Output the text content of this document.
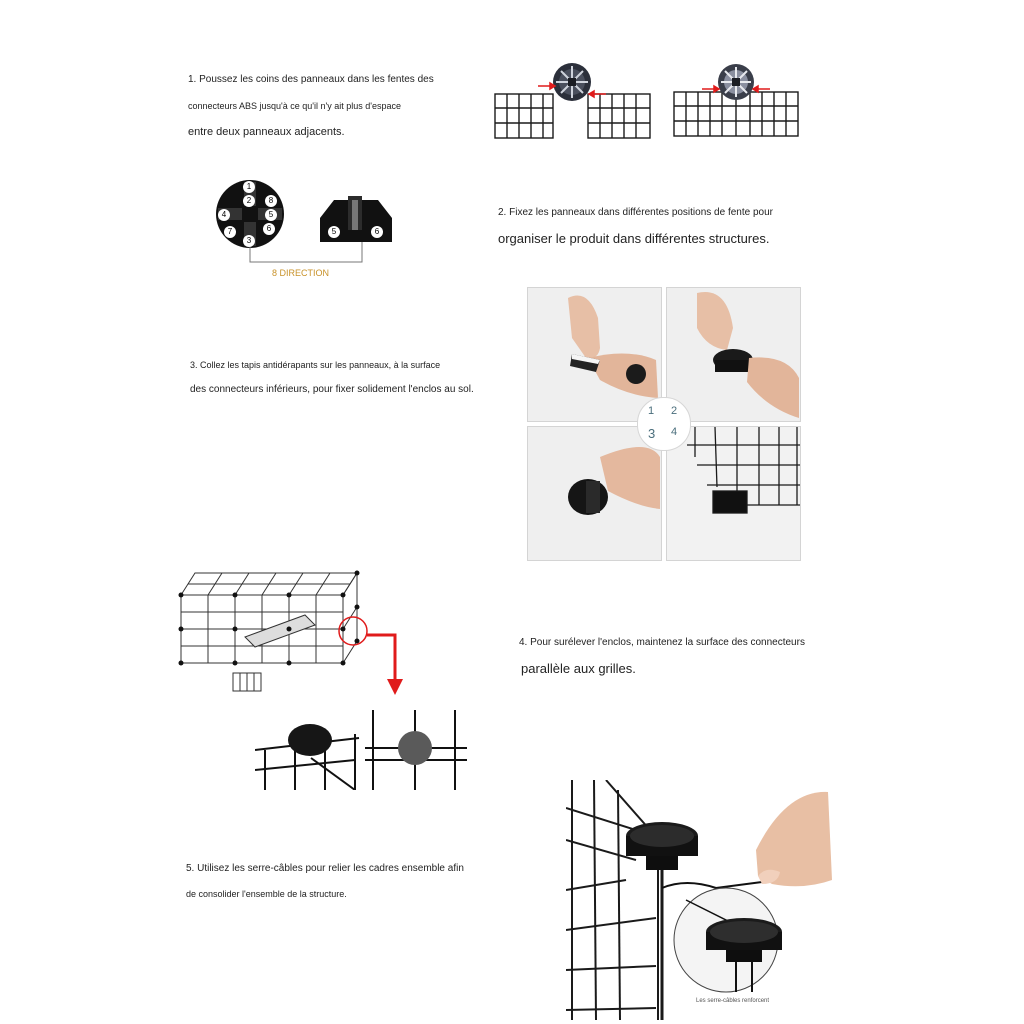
1. Poussez les coins des panneaux dans les fentes des
connecteurs ABS jusqu'à ce qu'il n'y ait plus d'espace
entre deux panneaux adjacents.
1
2
3
4	5
6
7
8
5	6
8 DIRECTION
2. Fixez les panneaux dans différentes positions de fente pour
organiser le produit dans différentes structures.
3. Collez les tapis antidérapants sur les panneaux, à la surface
des connecteurs inférieurs, pour fixer solidement l'enclos au sol.
1 2
3 4
4. Pour surélever l'enclos, maintenez la surface des connecteurs
parallèle aux grilles.
5. Utilisez les serre-câbles pour relier les cadres ensemble afin
de consolider l'ensemble de la structure.
Les serre-câbles renforcent
